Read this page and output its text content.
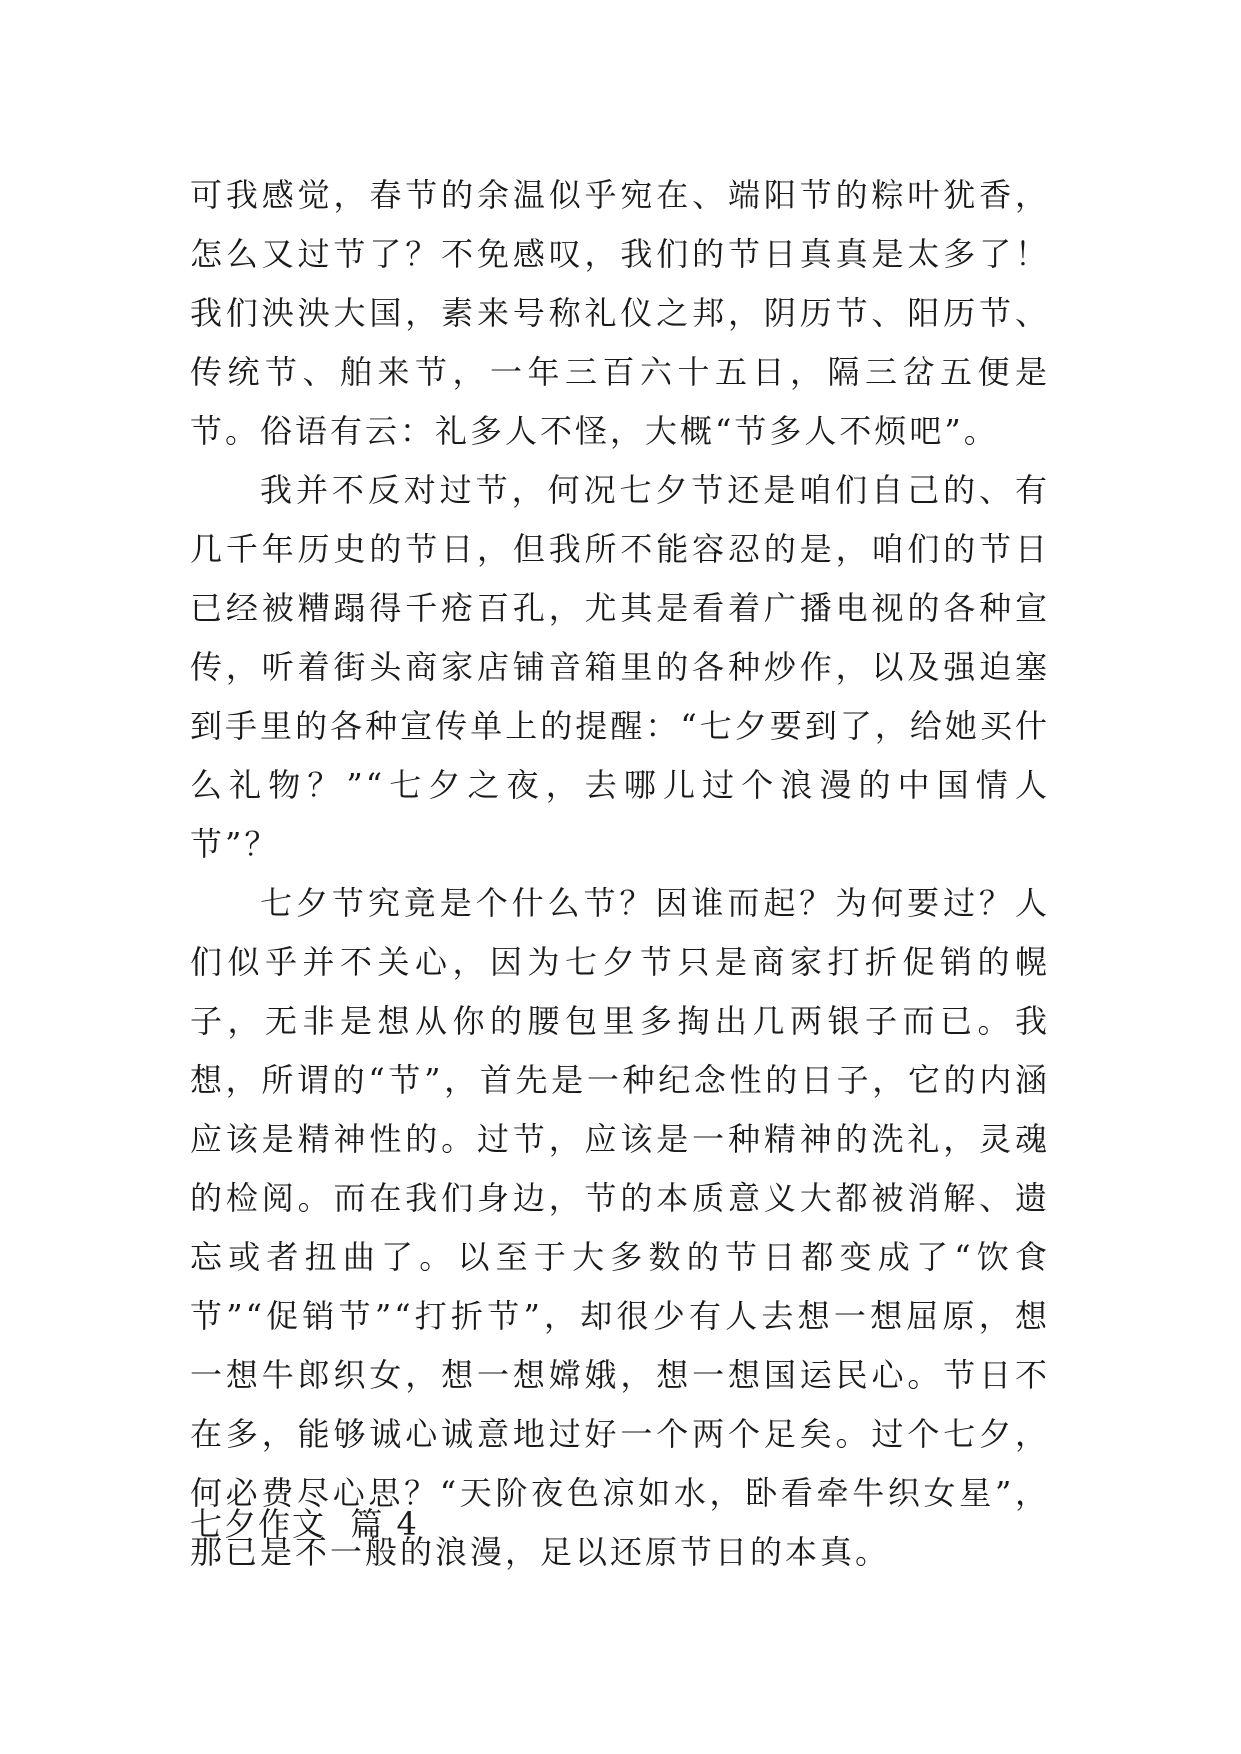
可我感觉，春节的余温似乎宛在、端阳节的粽叶犹香，怎么又过节了？不免感叹，我们的节日真真是太多了！我们泱泱大国，素来号称礼仪之邦，阴历节、阳历节、传统节、舶来节，一年三百六十五日，隔三岔五便是节。俗语有云：礼多人不怪，大概“节多人不烦吧”。

我并不反对过节，何况七夕节还是咱们自己的、有几千年历史的节日，但我所不能容忍的是，咱们的节日已经被糟蹋得千疮百孔，尤其是看着广播电视的各种宣传，听着街头商家店铺音箱里的各种炒作，以及强迫塞到手里的各种宣传单上的提醒：“七夕要到了，给她买什么礼物？”“七夕之夜，去哪儿过个浪漫的中国情人节”？

七夕节究竟是个什么节？因谁而起？为何要过？人们似乎并不关心，因为七夕节只是商家打折促销的幌子，无非是想从你的腰包里多掏出几两银子而已。我想，所谓的“节”，首先是一种纪念性的日子，它的内涵应该是精神性的。过节，应该是一种精神的洗礼，灵魂的检阅。而在我们身边，节的本质意义大都被消解、遗忘或者扭曲了。以至于大多数的节日都变成了“饮食节”“促销节”“打折节”，却很少有人去想一想屈原，想一想牛郎织女，想一想嫦娥，想一想国运民心。节日不在多，能够诚心诚意地过好一个两个足矣。过个七夕，何必费尽心思？“天阶夜色凉如水，卧看牵牛织女星”，那已是不一般的浪漫，足以还原节日的本真。

七夕作文  篇 4
